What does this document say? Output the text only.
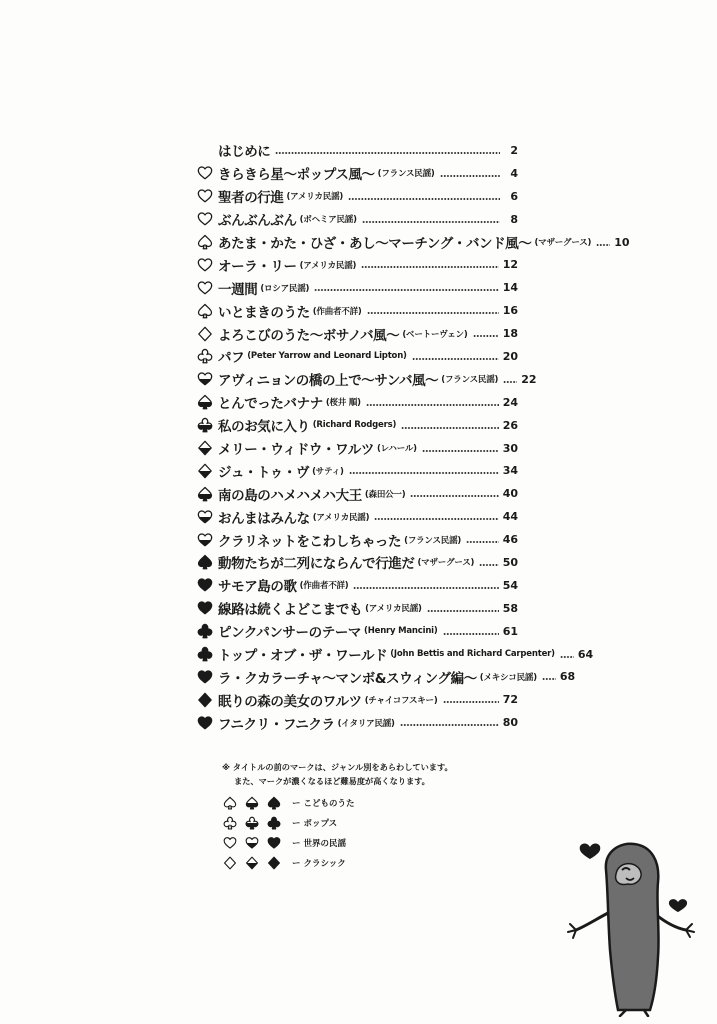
はじめに	2
きらきら星〜ポップス風〜 (フランス民謡)	4
聖者の行進 (アメリカ民謡)	6
ぶんぶんぶん (ボヘミア民謡)	8
あたま・かた・ひざ・あし〜マーチング・バンド風〜 (マザーグース) 10
オーラ・リー (アメリカ民謡)	12
一週間 (ロシア民謡)	14
いとまきのうた (作曲者不詳)	16
よろこびのうた〜ボサノバ風〜 (ベートーヴェン)	18
パフ (Peter Yarrow and Leonard Lipton)	20
アヴィニョンの橋の上で〜サンバ風〜 (フランス民謡) 22
とんでったバナナ (桜井 順)	24
私のお気に入り (Richard Rodgers)	26
メリー・ウィドウ・ワルツ (レハール)	30
ジュ・トゥ・ヴ (サティ)	34
南の島のハメハメハ大王 (森田公一)	40
おんまはみんな (アメリカ民謡)	44
クラリネットをこわしちゃった (フランス民謡)	46
動物たちが二列にならんで行進だ (マザーグース)	50
サモア島の歌 (作曲者不詳)	54
線路は続くよどこまでも (アメリカ民謡)	58
ピンクパンサーのテーマ (Henry Mancini)	61
トップ・オブ・ザ・ワールド (John Bettis and Richard Carpenter) 64
ラ・クカラーチャ〜マンボ&スウィング編〜 (メキシコ民謡) 68
眠りの森の美女のワルツ (チャイコフスキー)	72
フニクリ・フニクラ (イタリア民謡)	80
※ タイトルの前のマークは、ジャンル別をあらわしています。
また、マークが濃くなるほど難易度が高くなります。
ー こどものうた
ー ポップス
ー 世界の民謡
ー クラシック
